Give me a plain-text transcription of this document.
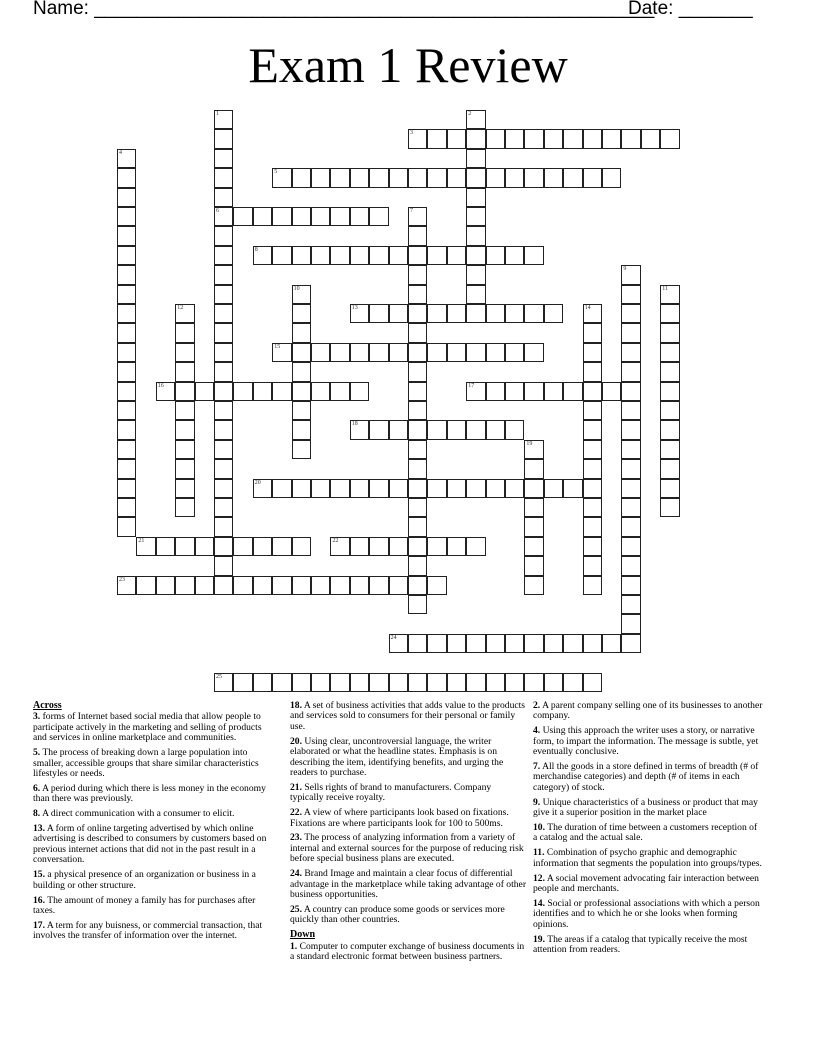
Name: _____________________________________________________
Date: _______
Exam 1 Review
1
6
2
3
4
5
7
8
9
10	11
12	13	14
15
16	17
18
19
20
21	22
23
24
25
Across

3. forms of Internet based social media that allow people to participate actively in the marketing and selling of products and services in online marketplace and communities.

5. The process of breaking down a large population into smaller, accessible groups that share similar characteristics lifestyles or needs.

6. A period during which there is less money in the economy than there was previously.

8. A direct communication with a consumer to elicit.

13. A form of online targeting advertised by which online advertising is described to consumers by customers based on previous internet actions that did not in the past result in a conversation.

15. a physical presence of an organization or business in a building or other structure.

16. The amount of money a family has for purchases after taxes.

17. A term for any buisness, or commercial transaction, that involves the transfer of information over the internet.

18. A set of business activities that adds value to the products and services sold to consumers for their personal or family use.

20. Using clear, uncontroversial language, the writer elaborated or what the headline states. Emphasis is on describing the item, identifying benefits, and urging the readers to purchase.

21. Sells rights of brand to manufacturers. Company typically receive royalty.

22. A view of where participants look based on fixations. Fixations are where participants look for 100 to 500ms.

23. The process of analyzing information from a variety of internal and external sources for the purpose of reducing risk before special business plans are executed.

24. Brand Image and maintain a clear focus of differential advantage in the marketplace while taking advantage of other business opportunities.

25. A country can produce some goods or services more quickly than other countries.

Down

1. Computer to computer exchange of business documents in a standard electronic format between business partners.

2. A parent company selling one of its businesses to another company.

4. Using this approach the writer uses a story, or narrative form, to impart the information. The message is subtle, yet eventually conclusive.

7. All the goods in a store defined in terms of breadth (# of merchandise categories) and depth (# of items in each category) of stock.

9. Unique characteristics of a business or product that may give it a superior position in the market place

10. The duration of time between a customers reception of a catalog and the actual sale.

11. Combination of psycho graphic and demographic information that segments the population into groups/types.

12. A social movement advocating fair interaction between people and merchants.

14. Social or professional associations with which a person identifies and to which he or she looks when forming opinions.

19. The areas if a catalog that typically receive the most attention from readers.
